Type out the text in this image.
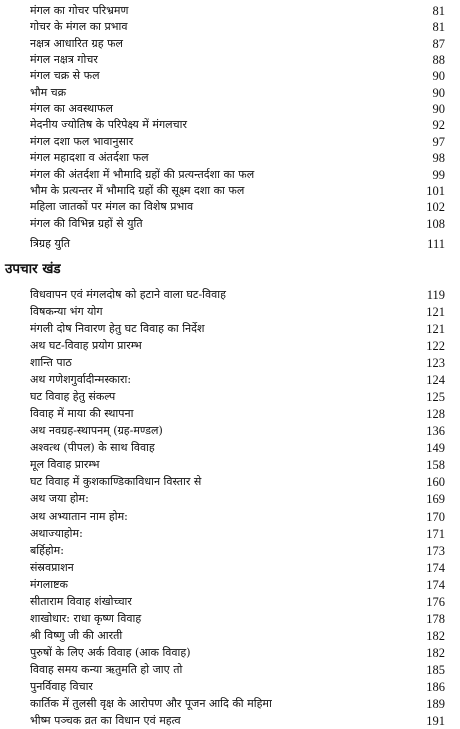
मंगल का गोचर परिभ्रमण	81
गोचर के मंगल का प्रभाव	81
नक्षत्र आधारित ग्रह फल	87
मंगल नक्षत्र गोचर	88
मंगल चक्र से फल	90
भौम चक्र	90
मंगल का अवस्थाफल	90
मेदनीय ज्योतिष के परिपेक्ष्य में मंगलचार	92
मंगल दशा फल भावानुसार	97
मंगल महादशा व अंतर्दशा फल	98
मंगल की अंतर्दशा में भौमादि ग्रहों की प्रत्यन्तर्दशा का फल	99
भौम के प्रत्यन्तर में भौमादि ग्रहों की सूक्ष्म दशा का फल	101
महिला जातकों पर मंगल का विशेष प्रभाव	102
मंगल की विभिन्न ग्रहों से युति	108
त्रिग्रह युति	111
उपचार खंड
विधवापन एवं मंगलदोष को हटाने वाला घट-विवाह	119
विषकन्या भंग योग	121
मंगली दोष निवारण हेतु घट विवाह का निर्देश	121
अथ घट-विवाह प्रयोग प्रारम्भ	122
शान्ति पाठ	123
अथ गणेशगुर्वादीन्मस्कारा:	124
घट विवाह हेतु संकल्प	125
विवाह में माया की स्थापना	128
अथ नवग्रह-स्थापनम् (ग्रह-मण्डल)	136
अश्वत्थ (पीपल) के साथ विवाह	149
मूल विवाह प्रारम्भ	158
घट विवाह में कुशकाण्डिकाविधान विस्तार से	160
अथ जया होम:	169
अथ अभ्यातान नाम होम:	170
अथाज्याहोम:	171
बर्हिहोम:	173
संस्रवप्राशन	174
मंगलाष्टक	174
सीताराम विवाह शंखोच्चार	176
शाखोधार: राधा कृष्ण विवाह	178
श्री विष्णु जी की आरती	182
पुरुषों के लिए अर्क विवाह (आक विवाह)	182
विवाह समय कन्या ऋतुमति हो जाए तो	185
पुनर्विवाह विचार	186
कार्तिक में तुलसी वृक्ष के आरोपण और पूजन आदि की महिमा	189
भीष्म पञ्चक व्रत का विधान एवं महत्व	191
